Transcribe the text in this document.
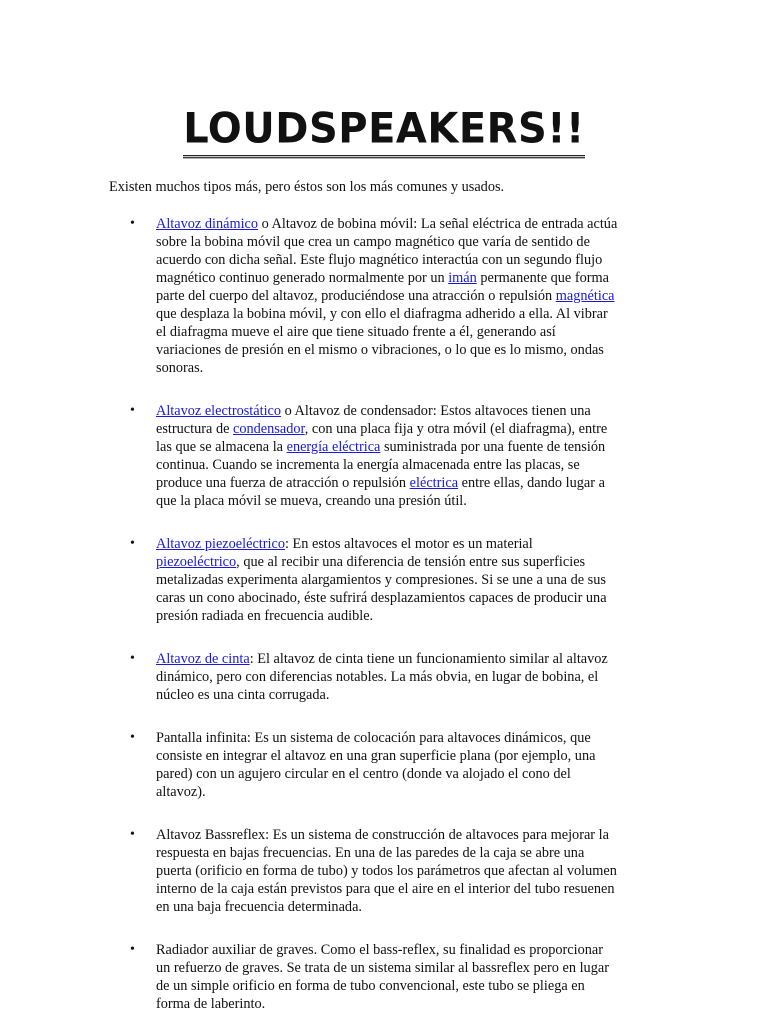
LOUDSPEAKERS!!
Existen muchos tipos más, pero éstos son los más comunes y usados.
• Altavoz dinámico o Altavoz de bobina móvil: La señal eléctrica de entrada actúa
sobre la bobina móvil que crea un campo magnético que varía de sentido de
acuerdo con dicha señal. Este flujo magnético interactúa con un segundo flujo
magnético continuo generado normalmente por un imán permanente que forma
parte del cuerpo del altavoz, produciéndose una atracción o repulsión magnética
que desplaza la bobina móvil, y con ello el diafragma adherido a ella. Al vibrar
el diafragma mueve el aire que tiene situado frente a él, generando así
variaciones de presión en el mismo o vibraciones, o lo que es lo mismo, ondas
sonoras.
• Altavoz electrostático o Altavoz de condensador: Estos altavoces tienen una
estructura de condensador, con una placa fija y otra móvil (el diafragma), entre
las que se almacena la energía eléctrica suministrada por una fuente de tensión
continua. Cuando se incrementa la energía almacenada entre las placas, se
produce una fuerza de atracción o repulsión eléctrica entre ellas, dando lugar a
que la placa móvil se mueva, creando una presión útil.
• Altavoz piezoeléctrico: En estos altavoces el motor es un material
piezoeléctrico, que al recibir una diferencia de tensión entre sus superficies
metalizadas experimenta alargamientos y compresiones. Si se une a una de sus
caras un cono abocinado, éste sufrirá desplazamientos capaces de producir una
presión radiada en frecuencia audible.
• Altavoz de cinta: El altavoz de cinta tiene un funcionamiento similar al altavoz
dinámico, pero con diferencias notables. La más obvia, en lugar de bobina, el
núcleo es una cinta corrugada.
• Pantalla infinita: Es un sistema de colocación para altavoces dinámicos, que
consiste en integrar el altavoz en una gran superficie plana (por ejemplo, una
pared) con un agujero circular en el centro (donde va alojado el cono del
altavoz).
• Altavoz Bassreflex: Es un sistema de construcción de altavoces para mejorar la
respuesta en bajas frecuencias. En una de las paredes de la caja se abre una
puerta (orificio en forma de tubo) y todos los parámetros que afectan al volumen
interno de la caja están previstos para que el aire en el interior del tubo resuenen
en una baja frecuencia determinada.
• Radiador auxiliar de graves. Como el bass-reflex, su finalidad es proporcionar
un refuerzo de graves. Se trata de un sistema similar al bassreflex pero en lugar
de un simple orificio en forma de tubo convencional, este tubo se pliega en
forma de laberinto.
